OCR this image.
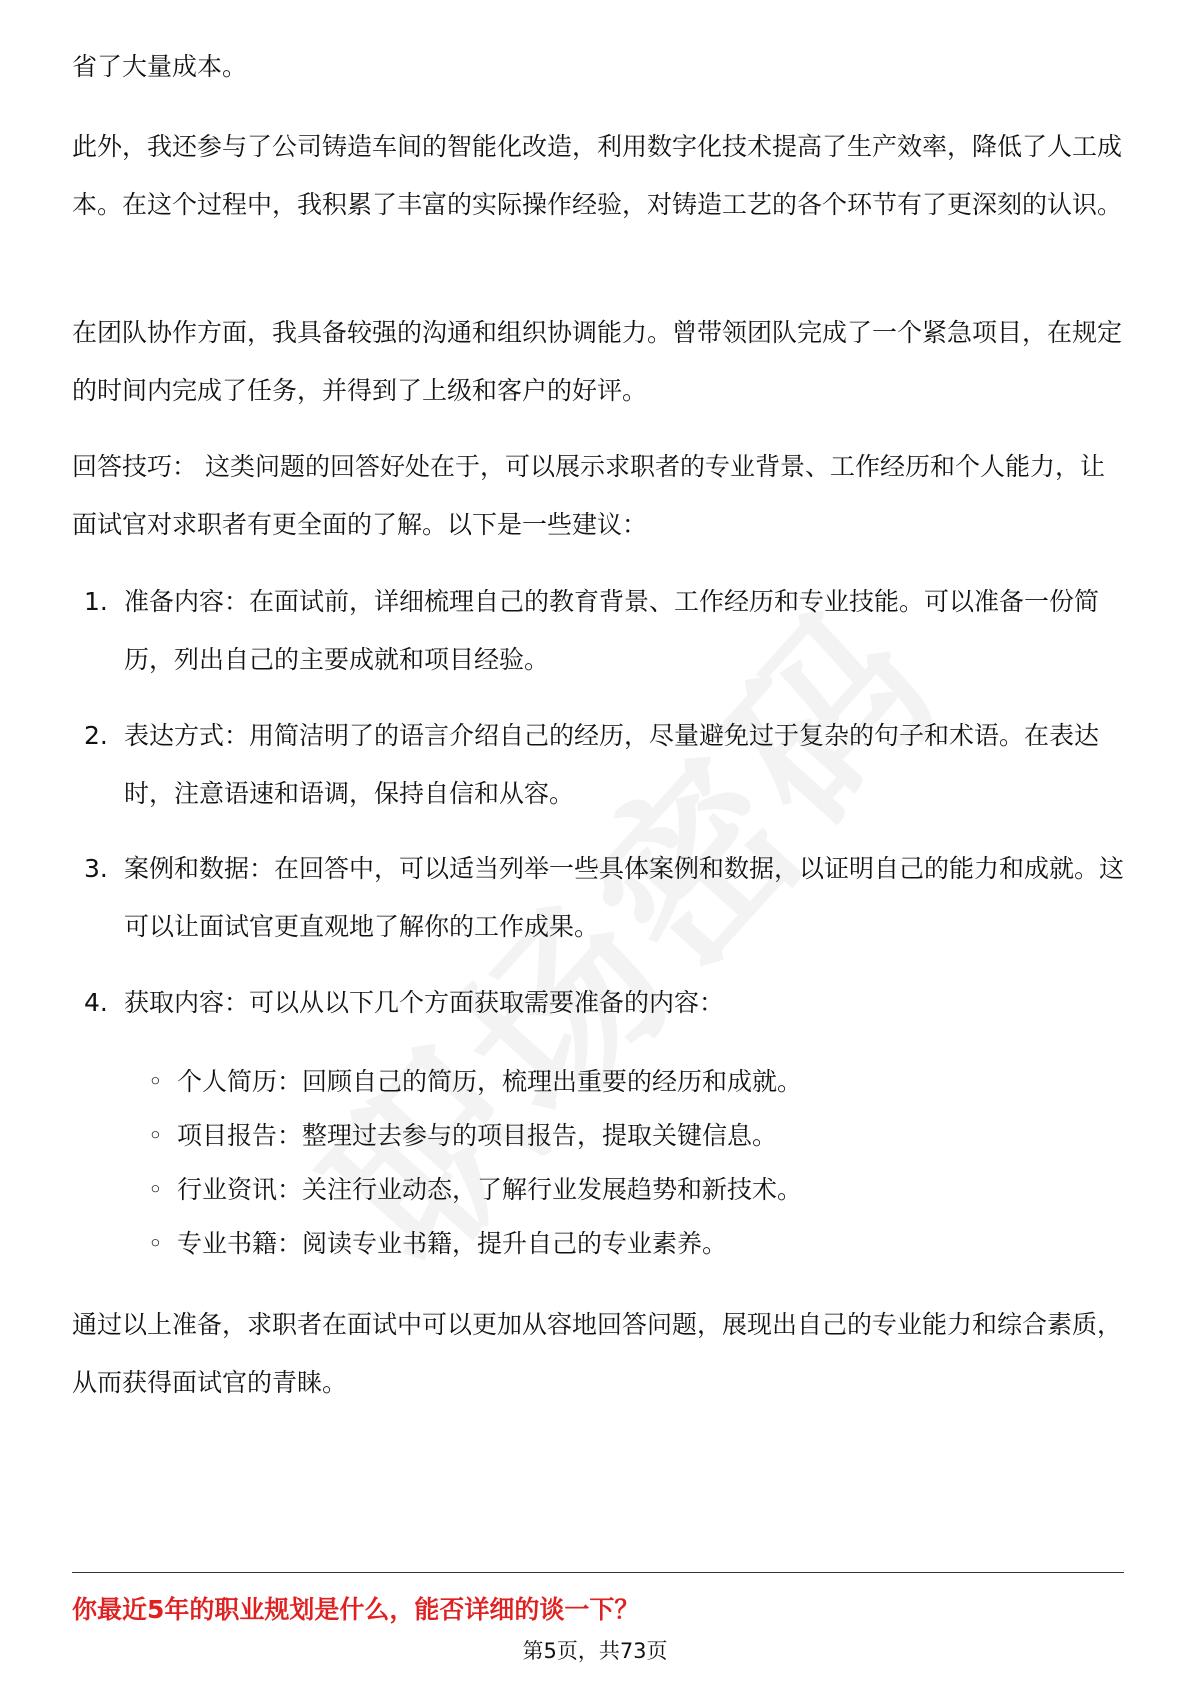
省了大量成本。

此外，我还参与了公司铸造车间的智能化改造，利用数字化技术提高了生产效率，降低了人工成本。在这个过程中，我积累了丰富的实际操作经验，对铸造工艺的各个环节有了更深刻的认识。

在团队协作方面，我具备较强的沟通和组织协调能力。曾带领团队完成了一个紧急项目，在规定的时间内完成了任务，并得到了上级和客户的好评。

回答技巧： 这类问题的回答好处在于，可以展示求职者的专业背景、工作经历和个人能力，让面试官对求职者有更全面的了解。以下是一些建议：

1. 准备内容：在面试前，详细梳理自己的教育背景、工作经历和专业技能。可以准备一份简历，列出自己的主要成就和项目经验。

2. 表达方式：用简洁明了的语言介绍自己的经历，尽量避免过于复杂的句子和术语。在表达时，注意语速和语调，保持自信和从容。

3. 案例和数据：在回答中，可以适当列举一些具体案例和数据，以证明自己的能力和成就。这可以让面试官更直观地了解你的工作成果。

4. 获取内容：可以从以下几个方面获取需要准备的内容：

◦ 个人简历：回顾自己的简历，梳理出重要的经历和成就。

◦ 项目报告：整理过去参与的项目报告，提取关键信息。

◦ 行业资讯：关注行业动态，了解行业发展趋势和新技术。

◦ 专业书籍：阅读专业书籍，提升自己的专业素养。

通过以上准备，求职者在面试中可以更加从容地回答问题，展现出自己的专业能力和综合素质，从而获得面试官的青睐。

你最近5年的职业规划是什么，能否详细的谈一下？
第5页，共73页
